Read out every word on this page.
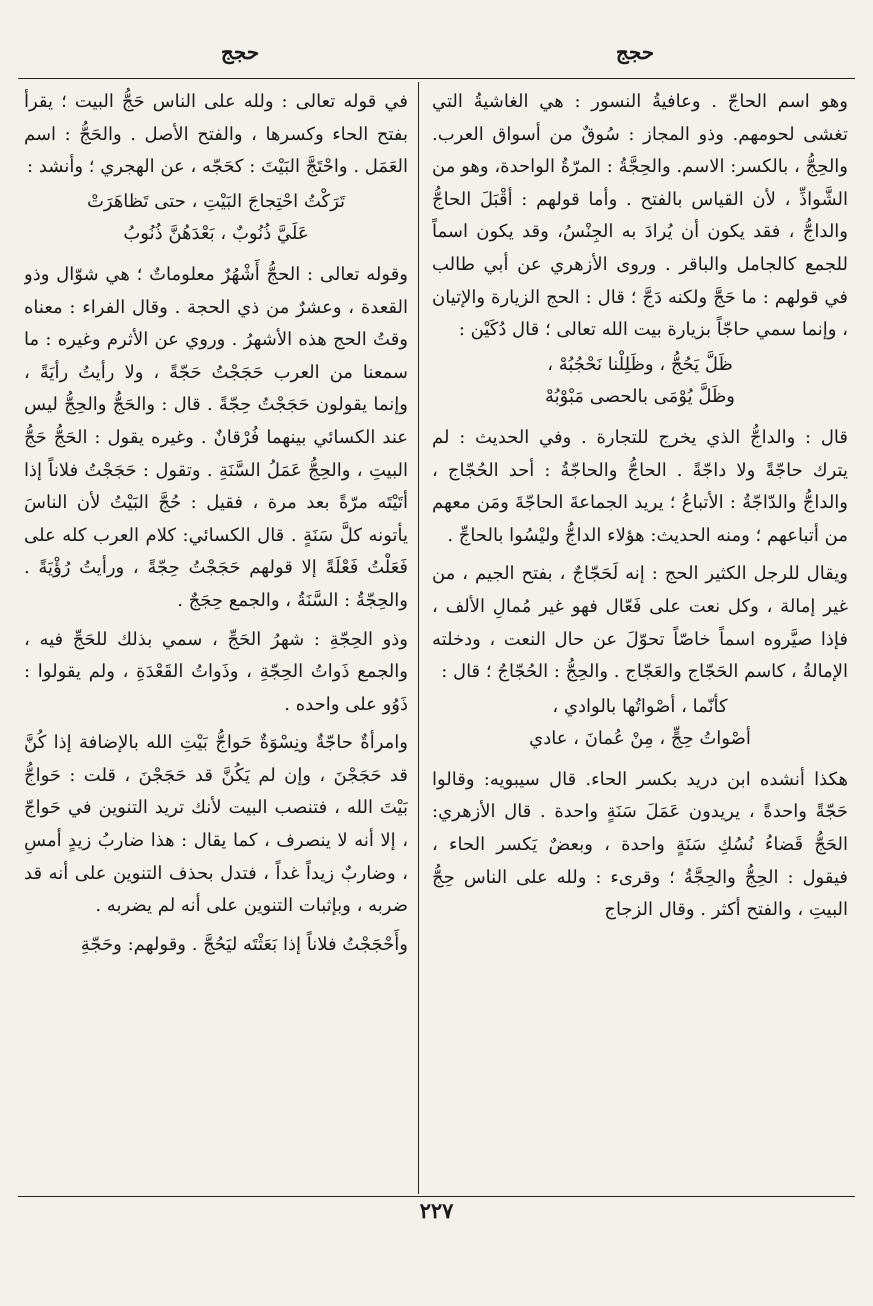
حجج	حجج

وهو اسم الحاجّ . وعافيةُ النسور : هي الغاشيةُ التي تغشى لحومهم. وذو المجاز : سُوقٌ من أسواق العرب. والحِجُّ ، بالكسر: الاسم. والحِجَّةُ : المرّةُ الواحدة، وهو من الشَّواذِّ ، لأن القياس بالفتح . وأما قولهم : أقْبَلَ الحاجُّ والداجُّ ، فقد يكون أن يُرادَ به الجِنْسُ، وقد يكون اسماً للجمع كالجامل والباقر . وروى الأزهري عن أبي طالب في قولهم : ما حَجَّ ولكنه دَجَّ ؛ قال : الحج الزيارة والإتيان ، وإنما سمي حاجّاً بزيارة بيت الله تعالى ؛ قال دُكَيْن :

ظَلَّ يَحُجُّ ، وظَلِلْنا نَحْجُبُهْ ،
وظَلَّ يُوْمَى بالحصى مَبْوْبُهْ

قال : والداجُّ الذي يخرج للتجارة . وفي الحديث : لم يترك حاجّةً ولا داجّةً . الحاجُّ والحاجّةُ : أحد الحُجّاج ، والداجُّ والدّاجّةُ : الأتباعُ ؛ يريد الجماعةَ الحاجّةَ ومَن معهم من أتباعهم ؛ ومنه الحديث: هؤلاء الداجُّ وليْسُوا بالحاجِّ .

ويقال للرجل الكثير الحج : إنه لَحَجّاجٌ ، بفتح الجيم ، من غير إمالة ، وكل نعت على فَعّال فهو غير مُمالِ الألف ، فإذا صيَّروه اسماً خاصّاً تحوّلَ عن حال النعت ، ودخلته الإمالةُ ، كاسم الحَجّاج والعَجّاج . والحِجُّ : الحُجّاجُ ؛ قال :

كأنّما ، أصْواتُها بالوادي ،
أصْواتُ حِجٍّ ، مِنْ عُمانَ ، عادي

هكذا أنشده ابن دريد بكسر الحاء. قال سيبويه: وقالوا حَجّةً واحدةً ، يريدون عَمَلَ سَنَةٍ واحدة . قال الأزهري: الحَجُّ قَضاءُ نُسُكِ سَنَةٍ واحدة ، وبعضٌ يَكسر الحاء ، فيقول : الحِجُّ والحِجَّةُ ؛ وقرىء : ولله على الناس حِجُّ البيتِ ، والفتح أكثر . وقال الزجاج

في قوله تعالى : ولله على الناس حَجُّ البيت ؛ يقرأ بفتح الحاء وكسرها ، والفتح الأصل . والحَجُّ : اسم العَمَل . واحْتَجَّ البَيْتَ : كحَجّه ، عن الهجري ؛ وأنشد :

تَرَكْتُ احْتِجاجَ البَيْتِ ، حتى تَظاهَرَتْ
عَلَيَّ ذُنُوبٌ ، بَعْدَهُنَّ ذُنُوبُ

وقوله تعالى : الحجُّ أَشْهُرٌ معلوماتٌ ؛ هي شوّال وذو القعدة ، وعشرٌ من ذي الحجة . وقال الفراء : معناه وقتُ الحج هذه الأشهرُ . وروي عن الأثرم وغيره : ما سمعنا من العرب حَجَجْتُ حَجّةً ، ولا رأيتُ رأيَةً ، وإنما يقولون حَجَجْتُ حِجّةً . قال : والحَجُّ والحِجُّ ليس عند الكسائي بينهما فُرْقانٌ . وغيره يقول : الحَجُّ حَجُّ البيتِ ، والحِجُّ عَمَلُ السَّنَةِ . وتقول : حَجَجْتُ فلاناً إذا أتَيْتَه مرّةً بعد مرة ، فقيل : حُجَّ البَيْتُ لأن الناسَ يأتونه كلَّ سَنَةٍ . قال الكسائي: كلام العرب كله على فَعَلْتُ فَعْلَةً إلا قولهم حَجَجْتُ حِجّةً ، ورأيتُ رُؤْيَةً . والحِجّةُ : السَّنَةُ ، والجمع حِجَجٌ .

وذو الحِجّةِ : شهرُ الحَجِّ ، سمي بذلك للحَجِّ فيه ، والجمع ذَواتُ الحِجّةِ ، وذَواتُ القَعْدَةِ ، ولم يقولوا : ذَوُو على واحده .

وامرأةٌ حاجّةٌ ونِسْوَةٌ حَواجُّ بَيْتِ الله بالإضافة إذا كُنَّ قد حَجَجْنَ ، وإن لم يَكُنَّ قد حَجَجْنَ ، قلت : حَواجُّ بَيْتَ الله ، فتنصب البيت لأنك تريد التنوين في حَواجّ ، إلا أنه لا ينصرف ، كما يقال : هذا ضاربُ زيدٍ أمسِ ، وضاربٌ زيداً غداً ، فتدل بحذف التنوين على أنه قد ضربه ، وبإثبات التنوين على أنه لم يضربه .

وأَحْجَجْتُ فلاناً إذا بَعَثْتَه ليَحُجَّ . وقولهم: وحَجّةِ

٢٢٧
